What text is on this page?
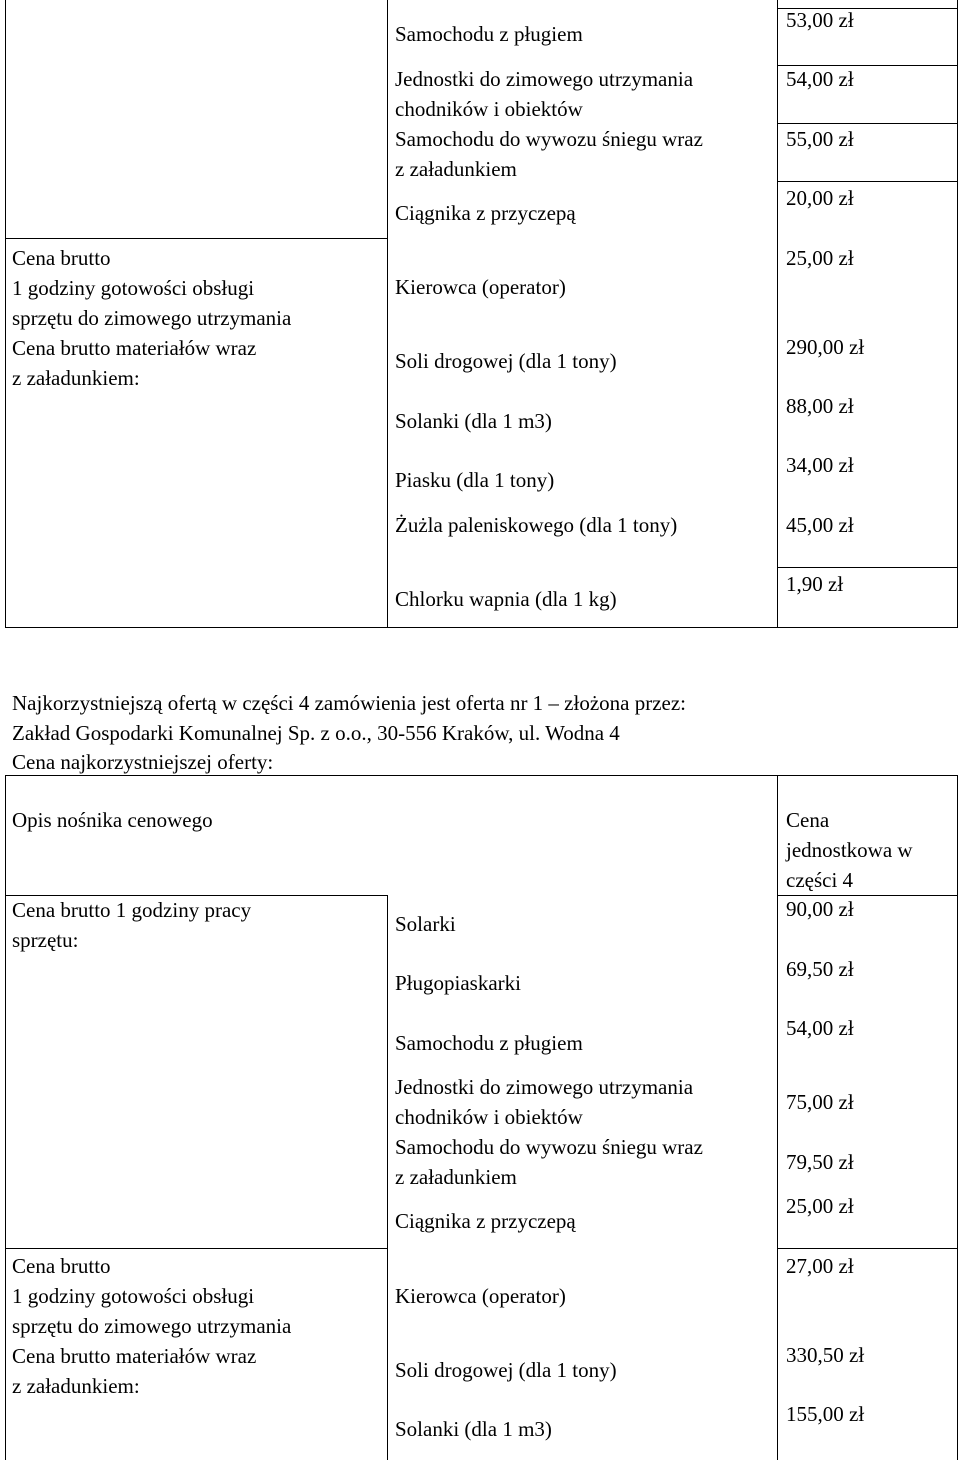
Cena brutto
1 godziny gotowości obsługi
sprzętu do zimowego utrzymania
Cena brutto materiałów wraz
z załadunkiem:
Samochodu z pługiem
Jednostki do zimowego utrzymania
chodników i obiektów
Samochodu do wywozu śniegu wraz
z załadunkiem
Ciągnika z przyczepą
Kierowca (operator)
Soli drogowej (dla 1 tony)
Solanki (dla 1 m3)
Piasku (dla 1 tony)
Żużla paleniskowego (dla 1 tony)
Chlorku wapnia (dla 1 kg)
53,00 zł
54,00 zł
55,00 zł
20,00 zł
25,00 zł
290,00 zł
88,00 zł
34,00 zł
45,00 zł
1,90 zł
Najkorzystniejszą ofertą w części 4 zamówienia jest oferta nr 1 – złożona przez:
Zakład Gospodarki Komunalnej Sp. z o.o., 30-556 Kraków, ul. Wodna 4
Cena najkorzystniejszej oferty:
Opis nośnika cenowego	Cena
jednostkowa w
części 4
Cena brutto 1 godziny pracy
sprzętu:
Cena brutto
1 godziny gotowości obsługi
sprzętu do zimowego utrzymania
Cena brutto materiałów wraz
z załadunkiem:
Solarki
Pługopiaskarki
Samochodu z pługiem
Jednostki do zimowego utrzymania
chodników i obiektów
Samochodu do wywozu śniegu wraz
z załadunkiem
Ciągnika z przyczepą
Kierowca (operator)
Soli drogowej (dla 1 tony)
Solanki (dla 1 m3)
90,00 zł
69,50 zł
54,00 zł
75,00 zł
79,50 zł
25,00 zł
27,00 zł
330,50 zł
155,00 zł
